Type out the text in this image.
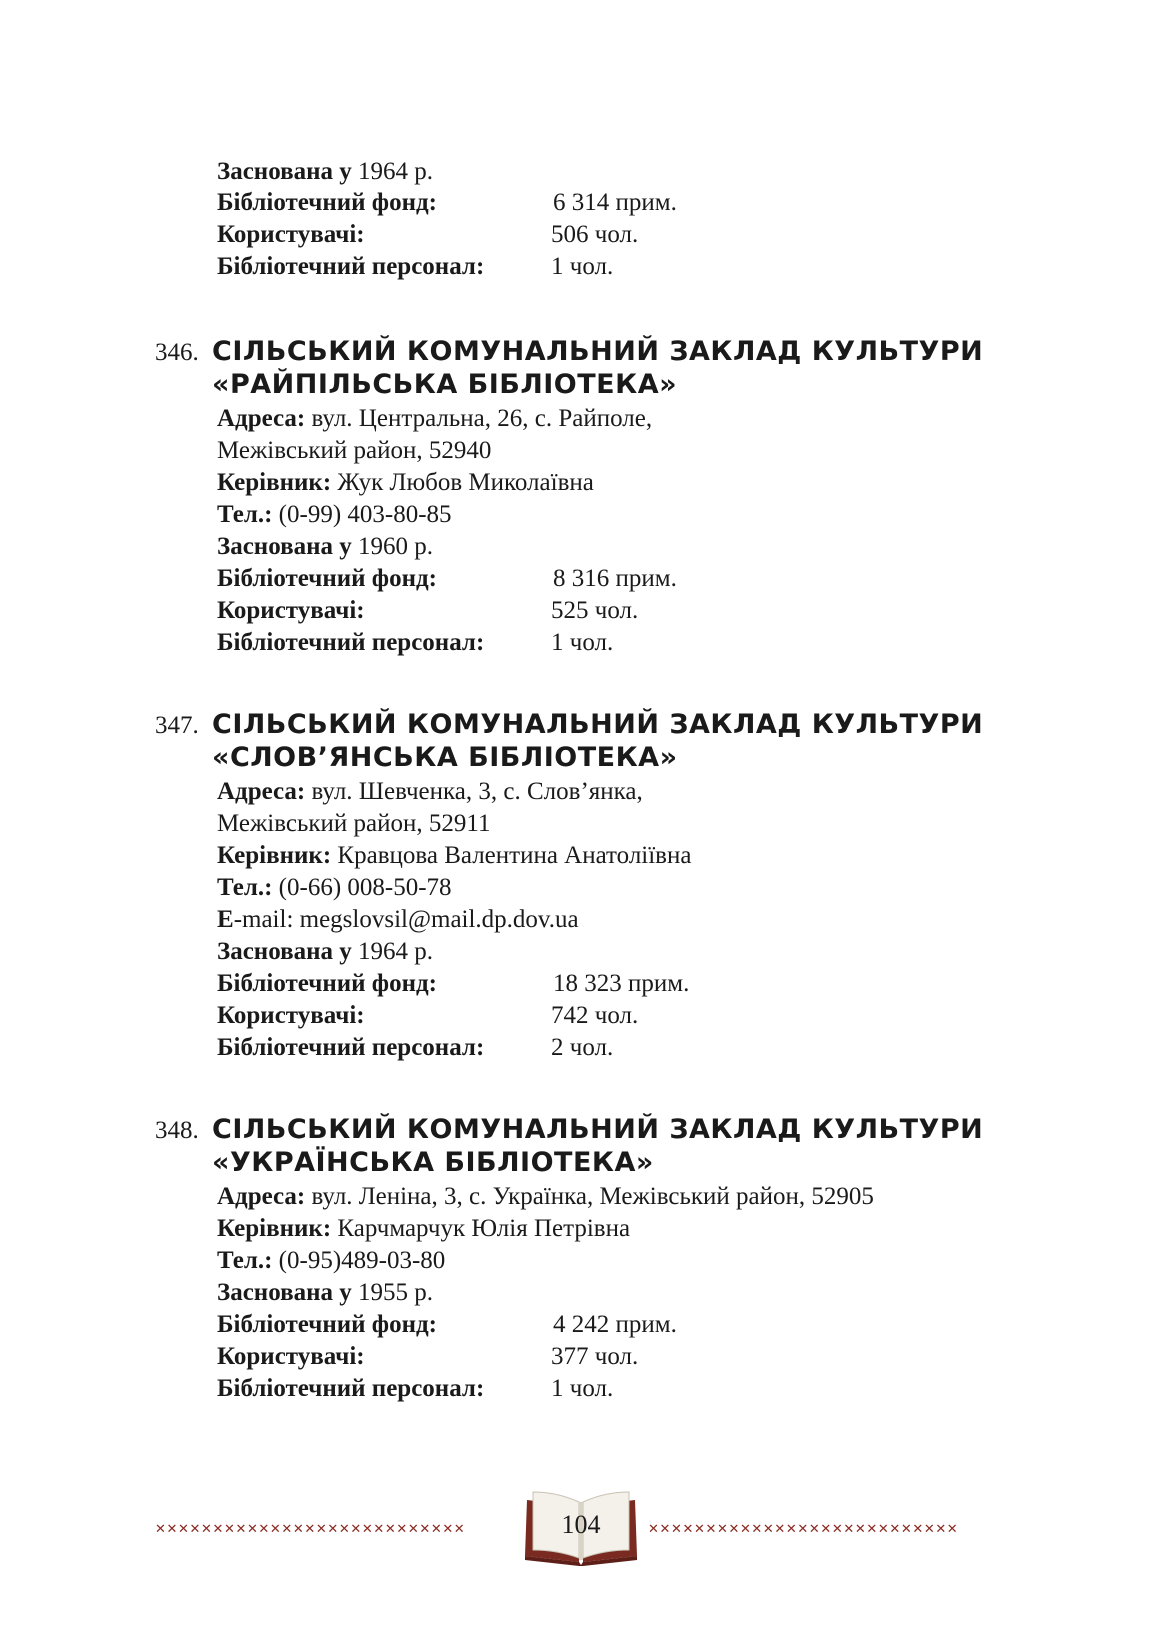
Заснована у 1964 р.
Бібліотечний фонд:	6 314 прим.
Користувачі:	506 чол.
Бібліотечний персонал:	1 чол.
346. СІЛЬСЬКИЙ КОМУНАЛЬНИЙ ЗАКЛАД КУЛЬТУРИ
«РАЙПІЛЬСЬКА БІБЛІОТЕКА»
Адреса: вул. Центральна, 26, с. Райполе,
Межівський район, 52940
Керівник: Жук Любов Миколаївна
Тел.: (0-99) 403-80-85
Заснована у 1960 р.
Бібліотечний фонд:	8 316 прим.
Користувачі:	525 чол.
Бібліотечний персонал:	1 чол.
347. СІЛЬСЬКИЙ КОМУНАЛЬНИЙ ЗАКЛАД КУЛЬТУРИ
«СЛОВ’ЯНСЬКА БІБЛІОТЕКА»
Адреса: вул. Шевченка, 3, с. Слов’янка,
Межівський район, 52911
Керівник: Кравцова Валентина Анатоліївна
Тел.: (0-66) 008-50-78
E-mail: megslovsil@mail.dp.dov.ua
Заснована у 1964 р.
Бібліотечний фонд:	18 323 прим.
Користувачі:	742 чол.
Бібліотечний персонал:	2 чол.
348. СІЛЬСЬКИЙ КОМУНАЛЬНИЙ ЗАКЛАД КУЛЬТУРИ
«УКРАЇНСЬКА БІБЛІОТЕКА»
Адреса: вул. Леніна, 3, с. Українка, Межівський район, 52905
Керівник: Карчмарчук Юлія Петрівна
Тел.: (0-95)489-03-80
Заснована у 1955 р.
Бібліотечний фонд:	4 242 прим.
Користувачі:	377 чол.
Бібліотечний персонал:	1 чол.
✕✕✕✕✕✕✕✕✕✕✕✕✕✕✕✕✕✕✕✕✕✕✕✕✕✕✕	✕✕✕✕✕✕✕✕✕✕✕✕✕✕✕✕✕✕✕✕✕✕✕✕✕✕✕
104
